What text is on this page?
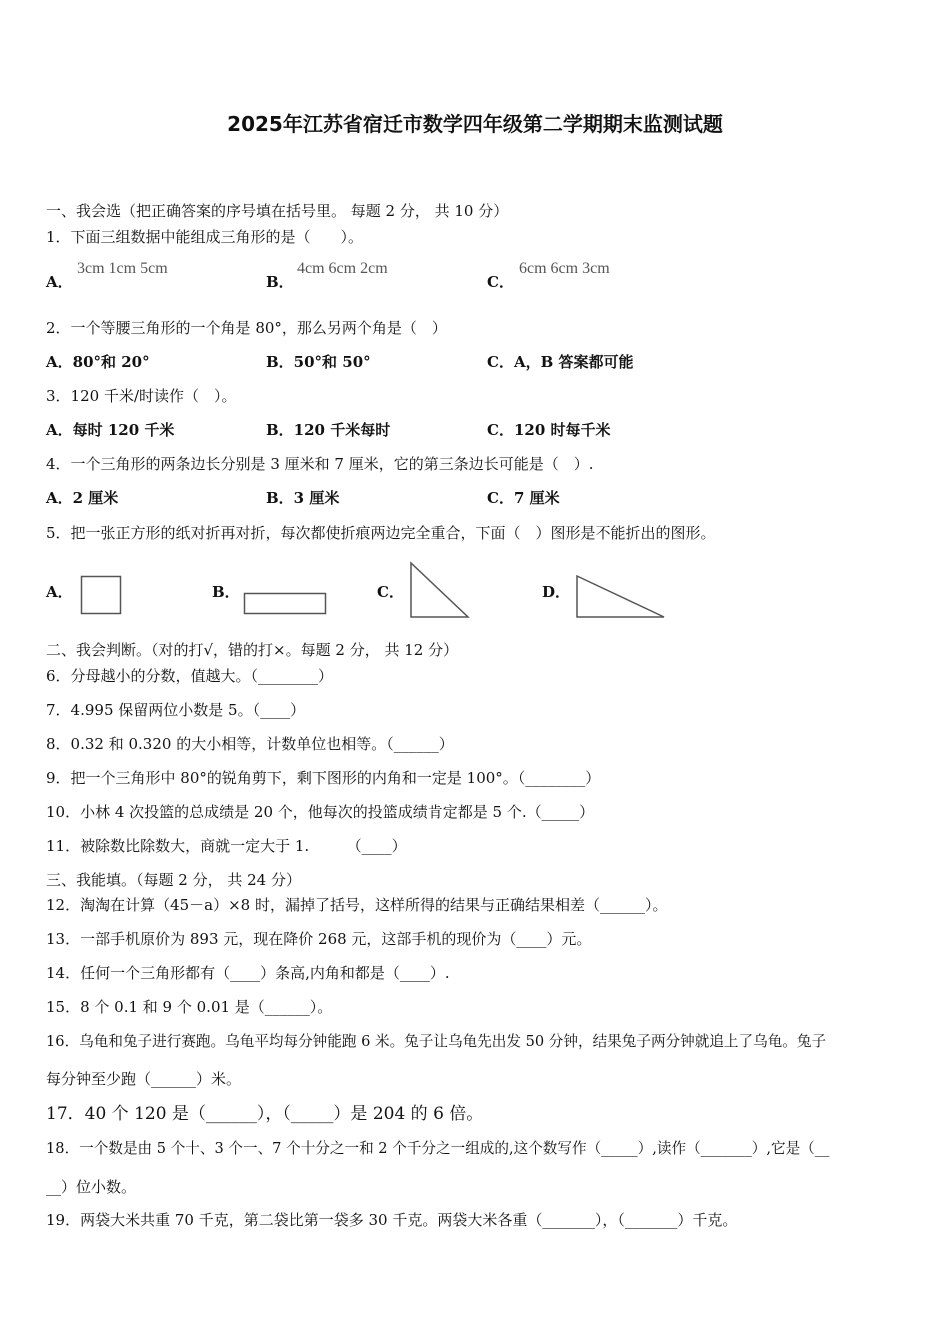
2025年江苏省宿迁市数学四年级第二学期期末监测试题
一、我会选（把正确答案的序号填在括号里。 每题 2 分， 共 10 分）
1．下面三组数据中能组成三角形的是（　　）。
A．
3cm 1cm 5cm
B．
4cm 6cm 2cm
C．
6cm 6cm 3cm
2．一个等腰三角形的一个角是 80°，那么另两个角是（　）
A．80°和 20°	B．50°和 50°	C．A，B 答案都可能
3．120 千米/时读作（　）。
A．每时 120 千米	B．120 千米每时	C．120 时每千米
4．一个三角形的两条边长分别是 3 厘米和 7 厘米，它的第三条边长可能是（　）.
A．2 厘米	B．3 厘米	C．7 厘米
5．把一张正方形的纸对折再对折，每次都使折痕两边完全重合，下面（　）图形是不能折出的图形。
A．	B．	C．	D．
二、我会判断。（对的打√，错的打×。每题 2 分， 共 12 分）
6．分母越小的分数，值越大。（________）
7．4.995 保留两位小数是 5。（____）
8．0.32 和 0.320 的大小相等，计数单位也相等。（______）
9．把一个三角形中 80°的锐角剪下，剩下图形的内角和一定是 100°。（________）
10．小林 4 次投篮的总成绩是 20 个，他每次的投篮成绩肯定都是 5 个.（_____）
11．被除数比除数大，商就一定大于 1.　　　（____）
三、我能填。（每题 2 分， 共 24 分）
12．淘淘在计算（45－a）×8 时，漏掉了括号，这样所得的结果与正确结果相差（______）。
13．一部手机原价为 893 元，现在降价 268 元，这部手机的现价为（____）元。
14．任何一个三角形都有（____）条高,内角和都是（____）.
15．8 个 0.1 和 9 个 0.01 是（______）。
16．乌龟和兔子进行赛跑。乌龟平均每分钟能跑 6 米。兔子让乌龟先出发 50 分钟，结果兔子两分钟就追上了乌龟。兔子
每分钟至少跑（______）米。
17．40 个 120 是（______），（_____）是 204 的 6 倍。
18．一个数是由 5 个十、3 个一、7 个十分之一和 2 个千分之一组成的,这个数写作（_____）,读作（_______）,它是（__
__）位小数。
19．两袋大米共重 70 千克，第二袋比第一袋多 30 千克。两袋大米各重（_______），（_______）千克。
